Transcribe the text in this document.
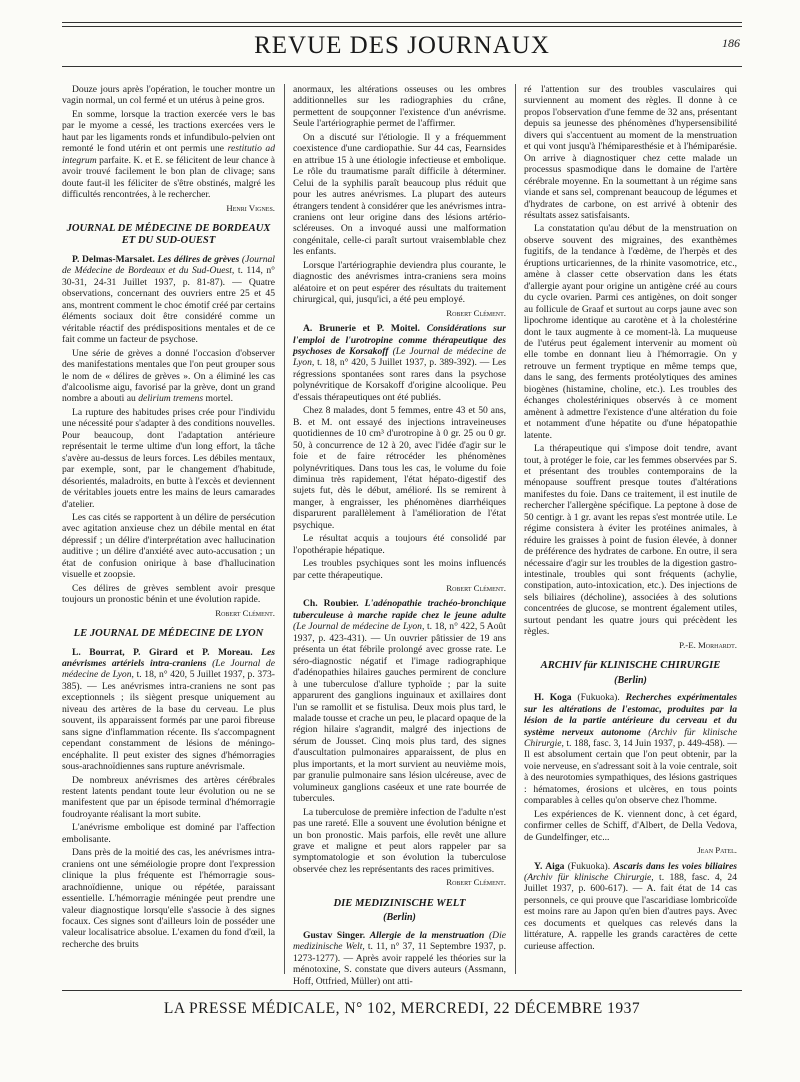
REVUE DES JOURNAUX	186

Douze jours après l'opération, le toucher montre un vagin normal, un col fermé et un utérus à peine gros.

En somme, lorsque la traction exercée vers le bas par le myome a cessé, les tractions exercées vers le haut par les ligaments ronds et infundibulo-pelvien ont remonté le fond utérin et ont permis une restitutio ad integrum parfaite. K. et E. se félicitent de leur chance à avoir trouvé facilement le bon plan de clivage; sans doute faut-il les féliciter de s'être obstinés, malgré les difficultés rencontrées, à le rechercher.

Henri Vignes.
JOURNAL DE MÉDECINE DE BORDEAUX ET DU SUD-OUEST

P. Delmas-Marsalet. Les délires de grèves (Journal de Médecine de Bordeaux et du Sud-Ouest, t. 114, n° 30-31, 24-31 Juillet 1937, p. 81-87). — Quatre observations, concernant des ouvriers entre 25 et 45 ans, montrent comment le choc émotif créé par certains éléments sociaux doit être considéré comme un véritable réactif des prédispositions mentales et de ce fait comme un facteur de psychose.

Une série de grèves a donné l'occasion d'observer des manifestations mentales que l'on peut grouper sous le nom de « délires de grèves ». On a éliminé les cas d'alcoolisme aigu, favorisé par la grève, dont un grand nombre a abouti au delirium tremens mortel.

La rupture des habitudes prises crée pour l'individu une nécessité pour s'adapter à des conditions nouvelles. Pour beaucoup, dont l'adaptation antérieure représentait le terme ultime d'un long effort, la tâche s'avère au-dessus de leurs forces. Les débiles mentaux, par exemple, sont, par le changement d'habitude, désorientés, maladroits, en butte à l'excès et deviennent de véritables jouets entre les mains de leurs camarades d'atelier.

Les cas cités se rapportent à un délire de persécution avec agitation anxieuse chez un débile mental en état dépressif ; un délire d'interprétation avec hallucination auditive ; un délire d'anxiété avec auto-accusation ; un état de confusion onirique à base d'hallucination visuelle et zoopsie.

Ces délires de grèves semblent avoir presque toujours un pronostic bénin et une évolution rapide.

Robert Clément.
LE JOURNAL DE MÉDECINE DE LYON

L. Bourrat, P. Girard et P. Moreau. Les anévrismes artériels intra-craniens (Le Journal de médecine de Lyon, t. 18, n° 420, 5 Juillet 1937, p. 373-385). — Les anévrismes intra-craniens ne sont pas exceptionnels ; ils siègent presque uniquement au niveau des artères de la base du cerveau. Le plus souvent, ils apparaissent formés par une paroi fibreuse sans signe d'inflammation récente. Ils s'accompagnent cependant constamment de lésions de méningo-encéphalite. Il peut exister des signes d'hémorragies sous-arachnoïdiennes sans rupture anévrismale.

De nombreux anévrismes des artères cérébrales restent latents pendant toute leur évolution ou ne se manifestent que par un épisode terminal d'hémorragie foudroyante réalisant la mort subite.

L'anévrisme embolique est dominé par l'affection embolisante.

Dans près de la moitié des cas, les anévrismes intra-craniens ont une séméiologie propre dont l'expression clinique la plus fréquente est l'hémorragie sous-arachnoïdienne, unique ou répétée, paraissant essentielle. L'hémorragie méningée peut prendre une valeur diagnostique lorsqu'elle s'associe à des signes focaux. Ces signes sont d'ailleurs loin de posséder une valeur localisatrice absolue. L'examen du fond d'œil, la recherche des bruits

anormaux, les altérations osseuses ou les ombres additionnelles sur les radiographies du crâne, permettent de soupçonner l'existence d'un anévrisme. Seule l'artériographie permet de l'affirmer.

On a discuté sur l'étiologie. Il y a fréquemment coexistence d'une cardiopathie. Sur 44 cas, Fearnsides en attribue 15 à une étiologie infectieuse et embolique. Le rôle du traumatisme paraît difficile à déterminer. Celui de la syphilis paraît beaucoup plus réduit que pour les autres anévrismes. La plupart des auteurs étrangers tendent à considérer que les anévrismes intra-craniens ont leur origine dans des lésions artério-scléreuses. On a invoqué aussi une malformation congénitale, celle-ci paraît surtout vraisemblable chez les enfants.

Lorsque l'artériographie deviendra plus courante, le diagnostic des anévrismes intra-craniens sera moins aléatoire et on peut espérer des résultats du traitement chirurgical, qui, jusqu'ici, a été peu employé.

Robert Clément.

A. Brunerie et P. Moitel. Considérations sur l'emploi de l'urotropine comme thérapeutique des psychoses de Korsakoff (Le Journal de médecine de Lyon, t. 18, n° 420, 5 Juillet 1937, p. 389-392). — Les régressions spontanées sont rares dans la psychose polynévritique de Korsakoff d'origine alcoolique. Peu d'essais thérapeutiques ont été publiés.

Chez 8 malades, dont 5 femmes, entre 43 et 50 ans, B. et M. ont essayé des injections intraveineuses quotidiennes de 10 cm³ d'urotropine à 0 gr. 25 ou 0 gr. 50, à concurrence de 12 à 20, avec l'idée d'agir sur le foie et de faire rétrocéder les phénomènes polynévritiques. Dans tous les cas, le volume du foie diminua très rapidement, l'état hépato-digestif des sujets fut, dès le début, amélioré. Ils se remirent à manger, à engraisser, les phénomènes diarrhéiques disparurent parallèlement à l'amélioration de l'état psychique.

Le résultat acquis a toujours été consolidé par l'opothérapie hépatique.

Les troubles psychiques sont les moins influencés par cette thérapeutique.

Robert Clément.

Ch. Roubier. L'adénopathie trachéo-bronchique tuberculeuse à marche rapide chez le jeune adulte (Le Journal de médecine de Lyon, t. 18, n° 422, 5 Août 1937, p. 423-431). — Un ouvrier pâtissier de 19 ans présenta un état fébrile prolongé avec grosse rate. Le séro-diagnostic négatif et l'image radiographique d'adénopathies hilaires gauches permirent de conclure à une tuberculose d'allure typhoïde ; par la suite apparurent des ganglions inguinaux et axillaires dont l'un se ramollit et se fistulisa. Deux mois plus tard, le malade tousse et crache un peu, le placard opaque de la région hilaire s'agrandit, malgré des injections de sérum de Jousset. Cinq mois plus tard, des signes d'auscultation pulmonaires apparaissent, de plus en plus importants, et la mort survient au neuvième mois, par granulie pulmonaire sans lésion ulcéreuse, avec de volumineux ganglions caséeux et une rate bourrée de tubercules.

La tuberculose de première infection de l'adulte n'est pas une rareté. Elle a souvent une évolution bénigne et un bon pronostic. Mais parfois, elle revêt une allure grave et maligne et peut alors rappeler par sa symptomatologie et son évolution la tuberculose observée chez les représentants des races primitives.

Robert Clément.
DIE MEDIZINISCHE WELT
(Berlin)

Gustav Singer. Allergie de la menstruation (Die medizinische Welt, t. 11, n° 37, 11 Septembre 1937, p. 1273-1277). — Après avoir rappelé les théories sur la ménotoxine, S. constate que divers auteurs (Assmann, Hoff, Ottfried, Müller) ont atti-

ré l'attention sur des troubles vasculaires qui surviennent au moment des règles. Il donne à ce propos l'observation d'une femme de 32 ans, présentant depuis sa jeunesse des phénomènes d'hypersensibilité divers qui s'accentuent au moment de la menstruation et qui vont jusqu'à l'hémiparesthésie et à l'hémiparésie. On arrive à diagnostiquer chez cette malade un processus spasmodique dans le domaine de l'artère cérébrale moyenne. En la soumettant à un régime sans viande et sans sel, comprenant beaucoup de légumes et d'hydrates de carbone, on est arrivé à obtenir des résultats assez satisfaisants.

La constatation qu'au début de la menstruation on observe souvent des migraines, des exanthèmes fugitifs, de la tendance à l'œdème, de l'herpès et des éruptions urticariennes, de la rhinite vasomotrice, etc., amène à classer cette observation dans les états d'allergie ayant pour origine un antigène créé au cours du cycle ovarien. Parmi ces antigènes, on doit songer au follicule de Graaf et surtout au corps jaune avec son lipochrome identique au carotène et à la cholestérine dont le taux augmente à ce moment-là. La muqueuse de l'utérus peut également intervenir au moment où elle tombe en donnant lieu à l'hémorragie. On y retrouve un ferment tryptique en même temps que, dans le sang, des ferments protéolytiques des amines biogènes (histamine, choline, etc.). Les troubles des échanges cholestériniques observés à ce moment amènent à admettre l'existence d'une altération du foie et notamment d'une hépatite ou d'une hépatopathie latente.

La thérapeutique qui s'impose doit tendre, avant tout, à protéger le foie, car les femmes observées par S. et présentant des troubles contemporains de la ménopause souffrent presque toutes d'altérations manifestes du foie. Dans ce traitement, il est inutile de rechercher l'allergène spécifique. La peptone à dose de 50 centigr. à 1 gr. avant les repas s'est montrée utile. Le régime consistera à éviter les protéines animales, à réduire les graisses à point de fusion élevée, à donner de préférence des hydrates de carbone. En outre, il sera nécessaire d'agir sur les troubles de la digestion gastro-intestinale, troubles qui sont fréquents (achylie, constipation, auto-intoxication, etc.). Des injections de sels biliaires (décholine), associées à des solutions concentrées de glucose, se montrent également utiles, surtout pendant les quatre jours qui précèdent les règles.

P.-E. Morhardt.
ARCHIV für KLINISCHE CHIRURGIE
(Berlin)

H. Koga (Fukuoka). Recherches expérimentales sur les altérations de l'estomac, produites par la lésion de la partie antérieure du cerveau et du système nerveux autonome (Archiv für klinische Chirurgie, t. 188, fasc. 3, 14 Juin 1937, p. 449-458). — Il est absolument certain que l'on peut obtenir, par la voie nerveuse, en s'adressant soit à la voie centrale, soit à des neurotomies sympathiques, des lésions gastriques : hématomes, érosions et ulcères, en tous points comparables à celles qu'on observe chez l'homme.

Les expériences de K. viennent donc, à cet égard, confirmer celles de Schiff, d'Albert, de Della Vedova, de Gundelfinger, etc...

Jean Patel.

Y. Aiga (Fukuoka). Ascaris dans les voies biliaires (Archiv für klinische Chirurgie, t. 188, fasc. 4, 24 Juillet 1937, p. 600-617). — A. fait état de 14 cas personnels, ce qui prouve que l'ascaridiase lombricoïde est moins rare au Japon qu'en bien d'autres pays. Avec ces documents et quelques cas relevés dans la littérature, A. rappelle les grands caractères de cette curieuse affection.

LA PRESSE MÉDICALE, N° 102, MERCREDI, 22 DÉCEMBRE 1937
